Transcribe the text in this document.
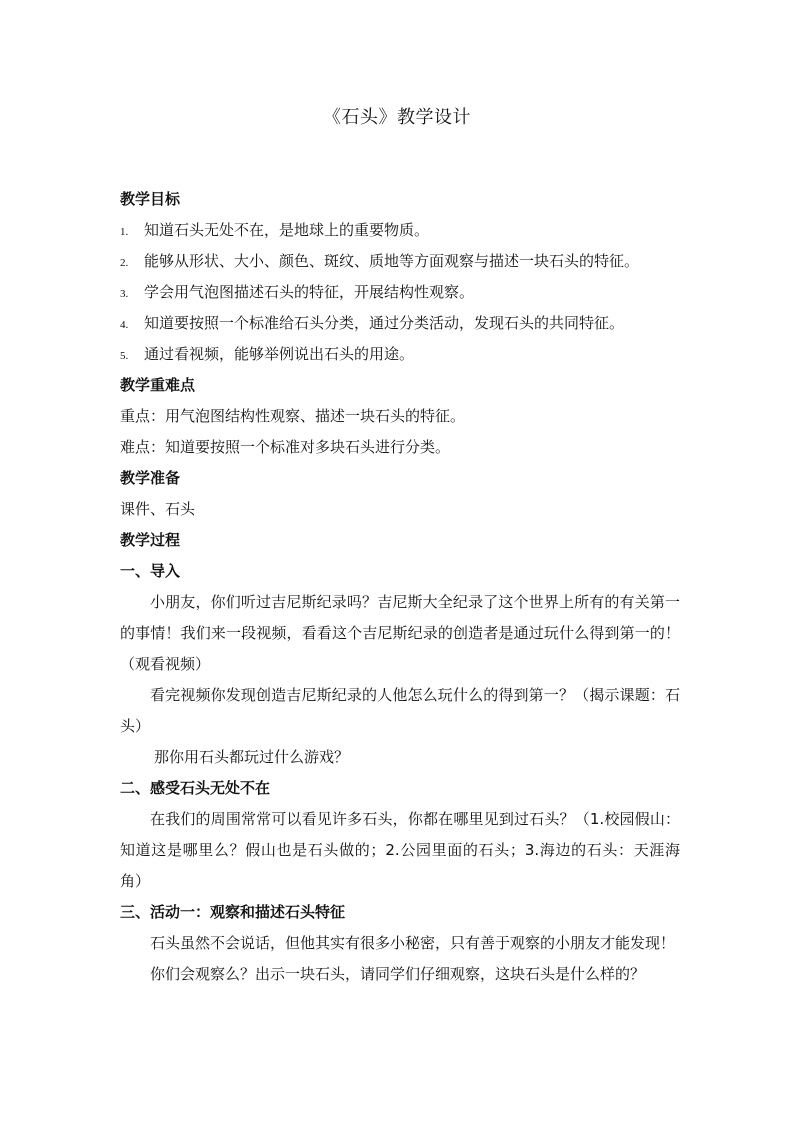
《石头》教学设计
教学目标
1.	知道石头无处不在，是地球上的重要物质。
2.	能够从形状、大小、颜色、斑纹、质地等方面观察与描述一块石头的特征。
3.	学会用气泡图描述石头的特征，开展结构性观察。
4.	知道要按照一个标准给石头分类，通过分类活动，发现石头的共同特征。
5.	通过看视频，能够举例说出石头的用途。
教学重难点
重点：用气泡图结构性观察、描述一块石头的特征。
难点：知道要按照一个标准对多块石头进行分类。
教学准备
课件、石头
教学过程
一、导入
小朋友，你们听过吉尼斯纪录吗？吉尼斯大全纪录了这个世界上所有的有关第一的事情！我们来一段视频，看看这个吉尼斯纪录的创造者是通过玩什么得到第一的！（观看视频）
看完视频你发现创造吉尼斯纪录的人他怎么玩什么的得到第一？（揭示课题：石头）
那你用石头都玩过什么游戏？
二、感受石头无处不在
在我们的周围常常可以看见许多石头，你都在哪里见到过石头？（1.校园假山：知道这是哪里么？假山也是石头做的；2.公园里面的石头；3.海边的石头：天涯海角）
三、活动一：观察和描述石头特征
石头虽然不会说话，但他其实有很多小秘密，只有善于观察的小朋友才能发现！
你们会观察么？出示一块石头，请同学们仔细观察，这块石头是什么样的？
